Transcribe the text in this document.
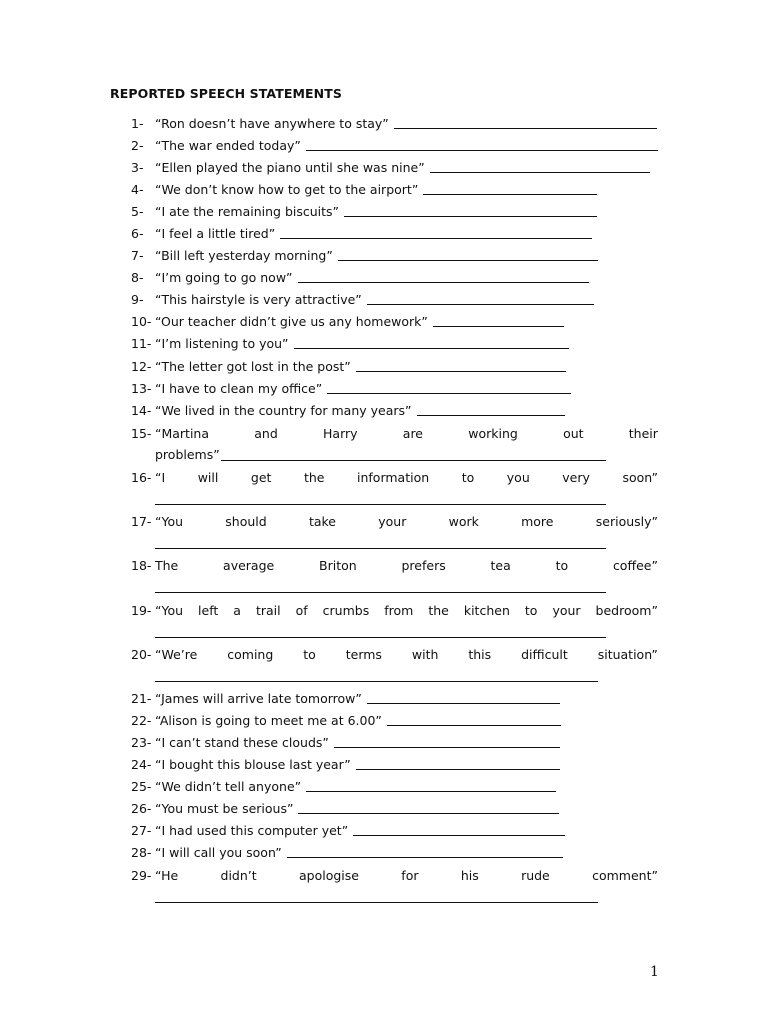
REPORTED SPEECH STATEMENTS
1- “Ron doesn’t have anywhere to stay”
2- “The war ended today”
3- “Ellen played the piano until she was nine”
4- “We don’t know how to get to the airport”
5- “I ate the remaining biscuits”
6- “I feel a little tired”
7- “Bill left yesterday morning”
8- “I’m going to go now”
9- “This hairstyle is very attractive”
10- “Our teacher didn’t give us any homework”
11- “I’m listening to you”
12- “The letter got lost in the post”
13- “I have to clean my office”
14- “We lived in the country for many years”
15- “Martina	and	Harry	are	working	out	their
problems”
16- “I	will	get	the	information	to	you	very	soon”
17- “You	should	take	your	work	more	seriously”
18- The	average	Briton	prefers	tea	to	coffee”
19- “You left a trail of crumbs from the kitchen to your bedroom”
20- “We’re coming to terms with this difficult situation”
21- “James will arrive late tomorrow”
22- “Alison is going to meet me at 6.00”
23- “I can’t stand these clouds”
24- “I bought this blouse last year”
25- “We didn’t tell anyone”
26- “You must be serious”
27- “I had used this computer yet”
28- “I will call you soon”
29- “He	didn’t	apologise	for	his	rude	comment”
1
